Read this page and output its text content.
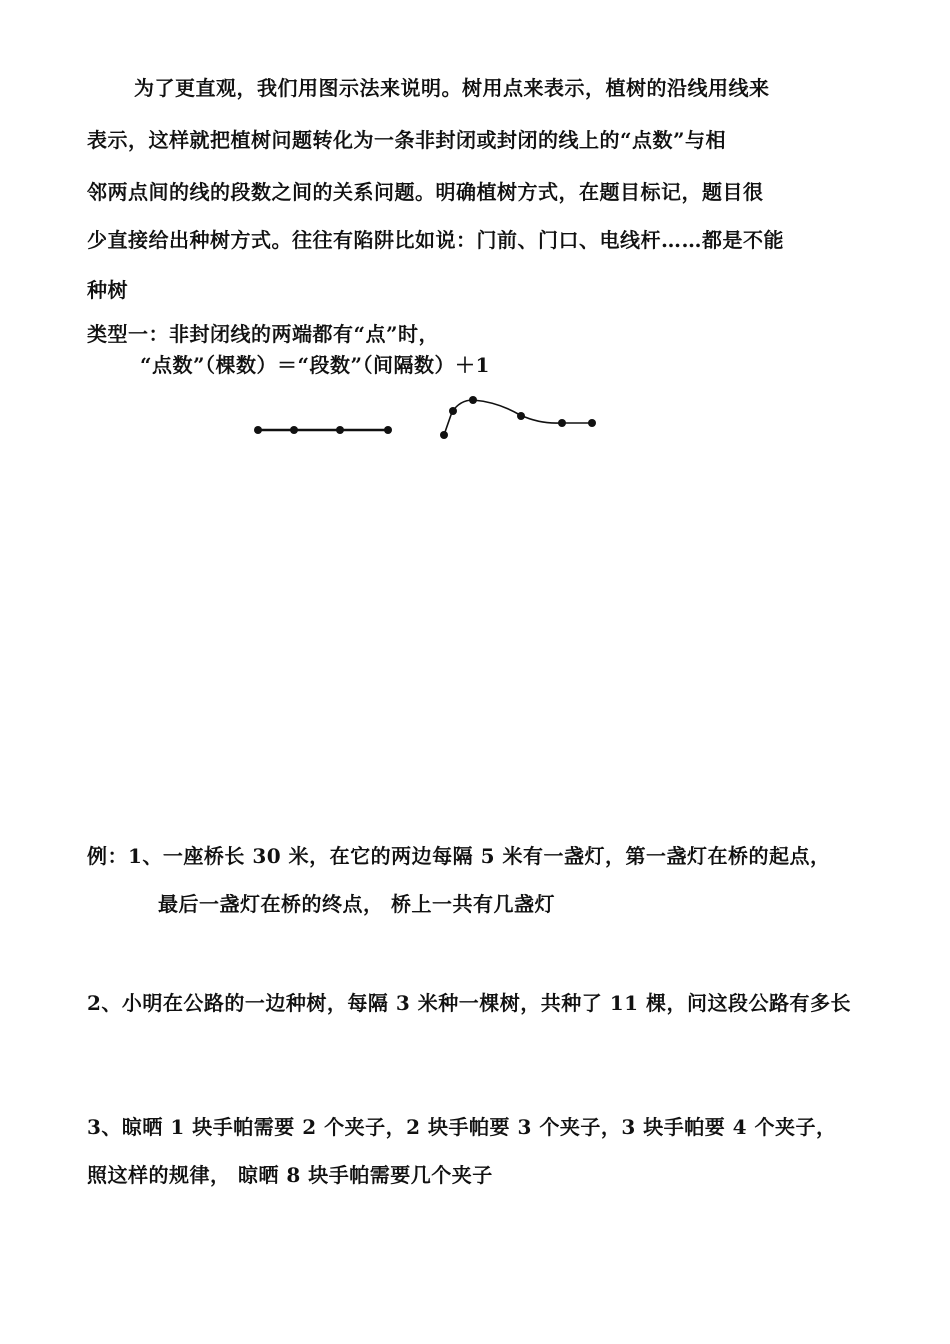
为了更直观，我们用图示法来说明。树用点来表示，植树的沿线用线来
表示，这样就把植树问题转化为一条非封闭或封闭的线上的“点数”与相
邻两点间的线的段数之间的关系问题。明确植树方式，在题目标记，题目很
少直接给出种树方式。往往有陷阱比如说：门前、门口、电线杆……都是不能
种树
类型一：非封闭线的两端都有“点”时，
“点数”（棵数）＝“段数”（间隔数）＋1
例：1、一座桥长 30 米，在它的两边每隔 5 米有一盏灯，第一盏灯在桥的起点，
最后一盏灯在桥的终点， 桥上一共有几盏灯
2、小明在公路的一边种树，每隔 3 米种一棵树，共种了 11 棵，问这段公路有多长
3、晾晒 1 块手帕需要 2 个夹子，2 块手帕要 3 个夹子，3 块手帕要 4 个夹子，
照这样的规律， 晾晒 8 块手帕需要几个夹子
